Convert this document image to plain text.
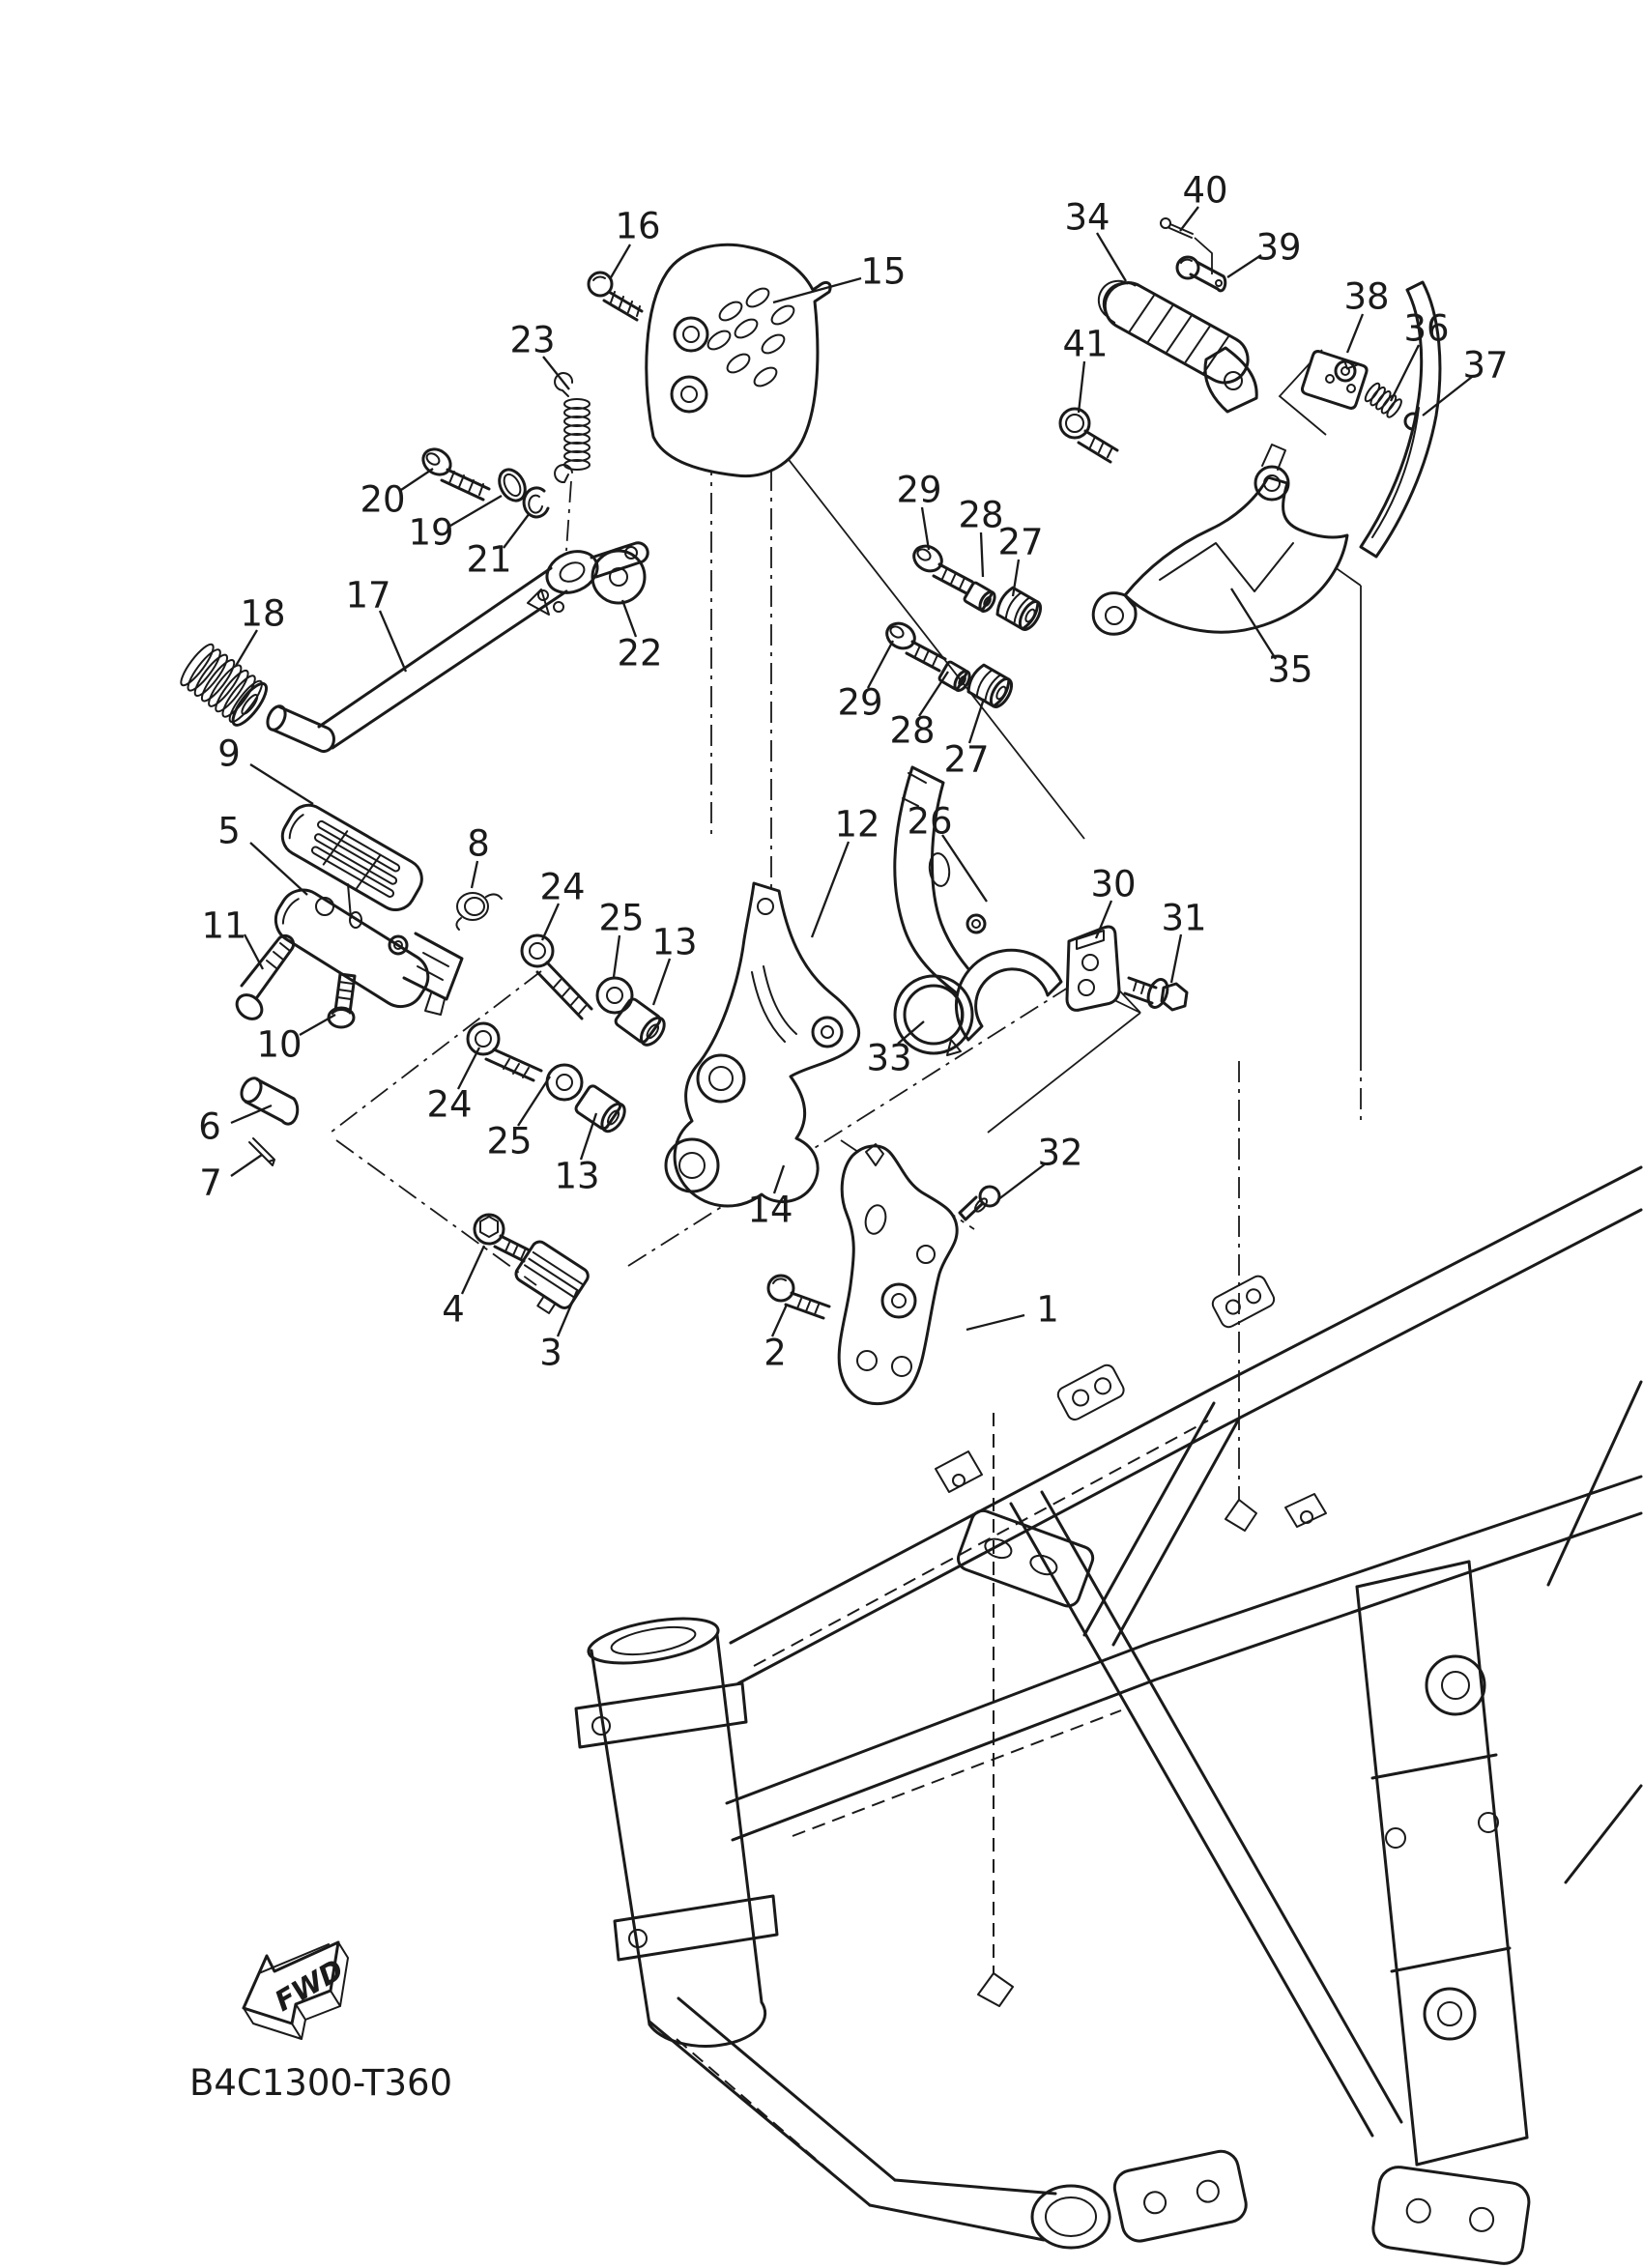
1
2
3
4
5
6
7
8
9
10
11
12
13
13
14
15
16
17
18
19
20
21
22
23
24
24
25
25
26
27
27
28
28
29
29
30
31
32
33
34
35
36
37
38
39
40
41
FWD
B4C1300-T360
